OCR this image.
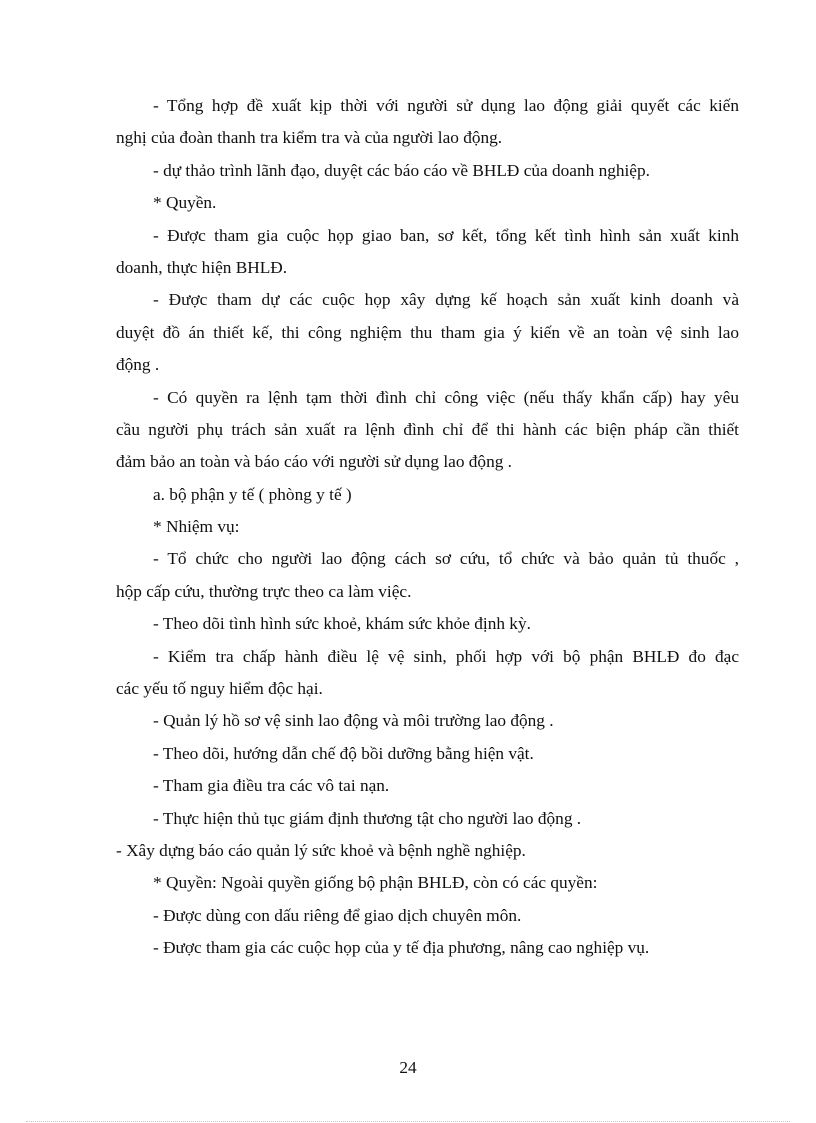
- Tổng hợp đề xuất kịp thời với người sử dụng lao động giải quyết các kiến
nghị của đoàn thanh tra kiểm tra và của người lao động.
- dự thảo trình lãnh đạo, duyệt các báo cáo về BHLĐ của doanh nghiệp.
* Quyền.
- Được tham gia cuộc họp giao ban, sơ kết, tổng kết tình hình sản xuất kinh
doanh, thực hiện BHLĐ.
- Được tham dự các cuộc họp xây dựng kế hoạch sản xuất kinh doanh và
duyệt đồ án thiết kế, thi công nghiệm thu tham gia ý kiến về an toàn vệ sinh lao
động .
- Có quyền ra lệnh tạm thời đình chỉ công việc (nếu thấy khẩn cấp) hay yêu
cầu người phụ trách sản xuất ra lệnh đình chỉ để thi hành các biện pháp cần thiết
đảm bảo an toàn và báo cáo với người sử dụng lao động .
a. bộ phận y tế ( phòng y tế )
* Nhiệm vụ:
- Tổ chức cho người lao động cách sơ cứu, tổ chức và bảo quản tủ thuốc ,
hộp cấp cứu, thường trực theo ca làm việc.
- Theo dõi tình hình sức khoẻ, khám sức khỏe định kỳ.
- Kiểm tra chấp hành điều lệ vệ sinh, phối hợp với bộ phận BHLĐ đo đạc
các yếu tố nguy hiểm độc hại.
- Quản lý hồ sơ vệ sinh lao động và môi trường lao động .
- Theo dõi, hướng dẫn chế độ bồi dưỡng bằng hiện vật.
- Tham gia điều tra các vô tai nạn.
- Thực hiện thủ tục giám định thương tật cho người lao động .
- Xây dựng báo cáo quản lý sức khoẻ và bệnh nghề nghiệp.
* Quyền: Ngoài quyền giống bộ phận BHLĐ, còn có các quyền:
- Được dùng con dấu riêng để giao dịch chuyên môn.
- Được tham gia các cuộc họp của y tế địa phương, nâng cao nghiệp vụ.
24
